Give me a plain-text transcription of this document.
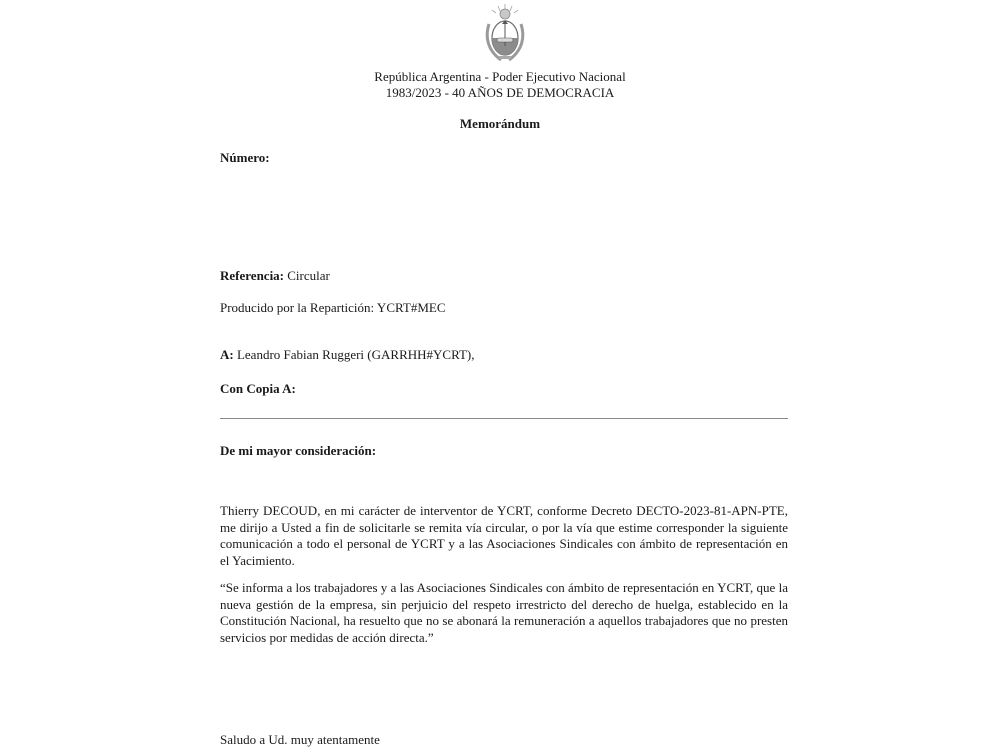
República Argentina - Poder Ejecutivo Nacional
1983/2023 - 40 AÑOS DE DEMOCRACIA
Memorándum
Número:
Referencia: Circular
Producido por la Repartición: YCRT#MEC
A: Leandro Fabian Ruggeri (GARRHH#YCRT),
Con Copia A:
De mi mayor consideración:
Thierry DECOUD, en mi carácter de interventor de YCRT, conforme Decreto DECTO-2023-81-APN-PTE, me dirijo a Usted a fin de solicitarle se remita vía circular, o por la vía que estime corresponder la siguiente comunicación a todo el personal de YCRT y a las Asociaciones Sindicales con ámbito de representación en el Yacimiento.
“Se informa a los trabajadores y a las Asociaciones Sindicales con ámbito de representación en YCRT, que la nueva gestión de la empresa, sin perjuicio del respeto irrestricto del derecho de huelga, establecido en la Constitución Nacional, ha resuelto que no se abonará la remuneración a aquellos trabajadores que no presten servicios por medidas de acción directa.”
Saludo a Ud. muy atentamente
